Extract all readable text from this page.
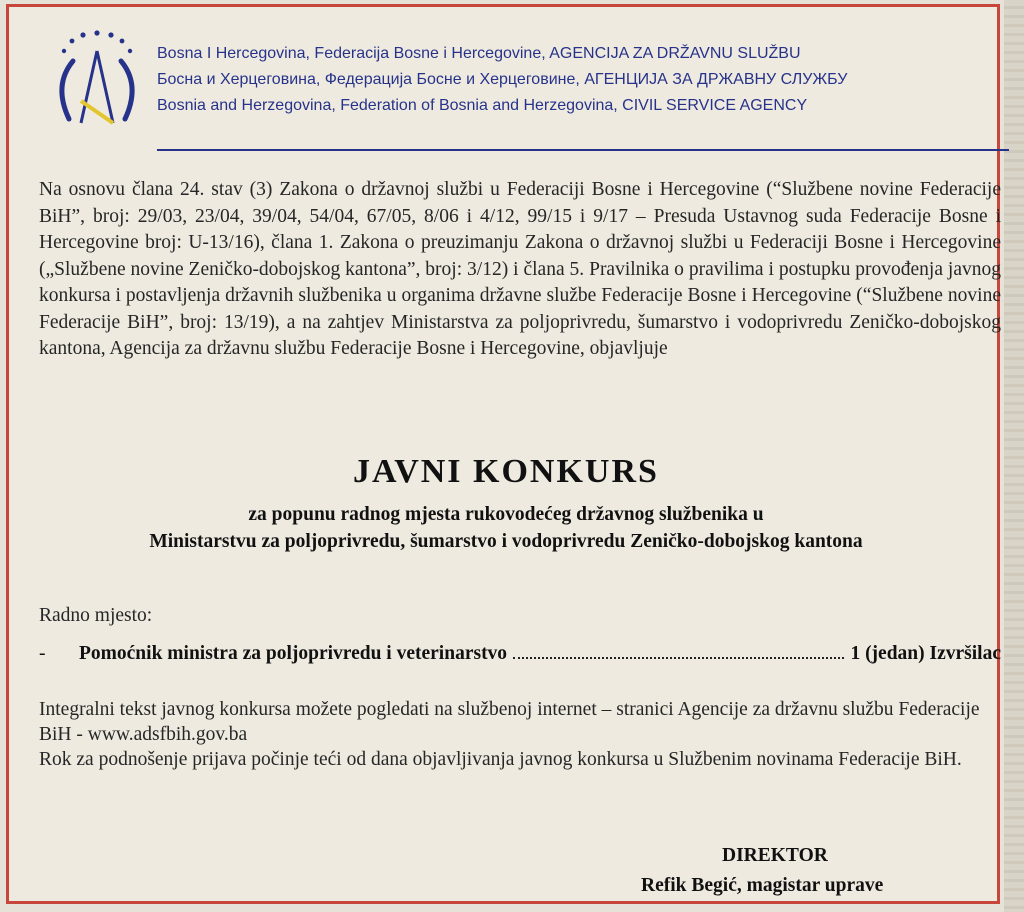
Bosna I Hercegovina, Federacija Bosne i Hercegovine, AGENCIJA ZA DRŽAVNU SLUŽBU
Босна и Херцеговина, Федерација Босне и Херцеговине, АГЕНЦИЈА ЗА ДРЖАВНУ СЛУЖБУ
Bosnia and Herzegovina, Federation of Bosnia and Herzegovina, CIVIL SERVICE AGENCY
Na osnovu člana 24. stav (3) Zakona o državnoj službi u Federaciji Bosne i Hercegovine (“Službene novine Federacije BiH”, broj: 29/03, 23/04, 39/04, 54/04, 67/05, 8/06 i 4/12, 99/15 i 9/17 – Presuda Ustavnog suda Federacije Bosne i Hercegovine broj: U-13/16), člana 1. Zakona o preuzimanju Zakona o državnoj službi u Federaciji Bosne i Hercegovine („Službene novine Zeničko-dobojskog kantona”, broj: 3/12) i člana 5. Pravilnika o pravilima i postupku provođenja javnog konkursa i postavljenja državnih službenika u organima državne službe Federacije Bosne i Hercegovine (“Službene novine Federacije BiH”, broj: 13/19), a na zahtjev Ministarstva za poljoprivredu, šumarstvo i vodoprivredu Zeničko-dobojskog kantona, Agencija za državnu službu Federacije Bosne i Hercegovine, objavljuje
JAVNI KONKURS
za popunu radnog mjesta rukovodećeg državnog službenika u
Ministarstvu za poljoprivredu, šumarstvo i vodoprivredu Zeničko-dobojskog kantona
Radno mjesto:
-	Pomoćnik ministra za poljoprivredu i veterinarstvo	1 (jedan) Izvršilac

Integralni tekst javnog konkursa možete pogledati na službenoj internet – stranici Agencije za državnu službu Federacije BiH - www.adsfbih.gov.ba

Rok za podnošenje prijava počinje teći od dana objavljivanja javnog konkursa u Službenim novinama Federacije BiH.

DIREKTOR
Refik Begić, magistar uprave
